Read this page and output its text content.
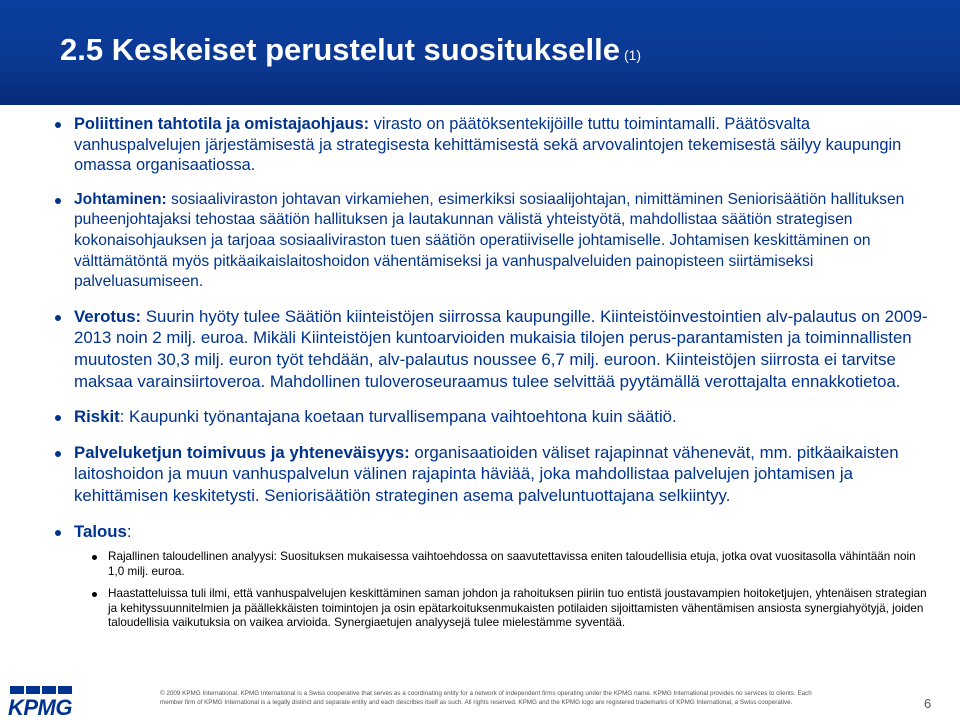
2.5 Keskeiset perustelut suositukselle (1)

Poliittinen tahtotila ja omistajaohjaus: virasto on päätöksentekijöille tuttu toimintamalli. Päätösvalta vanhuspalvelujen järjestämisestä ja strategisesta kehittämisestä sekä arvovalintojen tekemisestä säilyy kaupungin omassa organisaatiossa.

Johtaminen: sosiaaliviraston johtavan virkamiehen, esimerkiksi sosiaalijohtajan, nimittäminen Seniorisäätiön hallituksen puheenjohtajaksi tehostaa säätiön hallituksen ja lautakunnan välistä yhteistyötä, mahdollistaa säätiön strategisen kokonaisohjauksen ja tarjoaa sosiaaliviraston tuen säätiön operatiiviselle johtamiselle. Johtamisen keskittäminen on välttämätöntä myös pitkäaikaislaitoshoidon vähentämiseksi ja vanhuspalveluiden painopisteen siirtämiseksi palveluasumiseen.

Verotus: Suurin hyöty tulee Säätiön kiinteistöjen siirrossa kaupungille. Kiinteistöinvestointien alv-palautus on 2009-2013 noin 2 milj. euroa. Mikäli Kiinteistöjen kuntoarvioiden mukaisia tilojen perus-parantamisten ja toiminnallisten muutosten 30,3 milj. euron työt tehdään, alv-palautus noussee 6,7 milj. euroon. Kiinteistöjen siirrosta ei tarvitse maksaa varainsiirtoveroa. Mahdollinen tuloveroseuraamus tulee selvittää pyytämällä verottajalta ennakkotietoa.

Riskit: Kaupunki työnantajana koetaan turvallisempana vaihtoehtona kuin säätiö.

Palveluketjun toimivuus ja yhteneväisyys: organisaatioiden väliset rajapinnat vähenevät, mm. pitkäaikaisten laitoshoidon ja muun vanhuspalvelun välinen rajapinta häviää, joka mahdollistaa palvelujen johtamisen ja kehittämisen keskitetysti. Seniorisäätiön strateginen asema palveluntuottajana selkiintyy.

Talous:

Rajallinen taloudellinen analyysi: Suosituksen mukaisessa vaihtoehdossa on saavutettavissa eniten taloudellisia etuja, jotka ovat vuositasolla vähintään noin 1,0 milj. euroa.

Haastatteluissa tuli ilmi, että vanhuspalvelujen keskittäminen saman johdon ja rahoituksen piiriin tuo entistä joustavampien hoitoketjujen, yhtenäisen strategian ja kehityssuunnitelmien ja päällekkäisten toimintojen ja osin epätarkoituksenmukaisten potilaiden sijoittamisten vähentämisen ansiosta synergiahyötyjä, joiden taloudellisia vaikutuksia on vaikea arvioida. Synergiaetujen analyysejä tulee mielestämme syventää.

KPMG
© 2009 KPMG International. KPMG International is a Swiss cooperative that serves as a coordinating entity for a network of independent firms operating under the KPMG name. KPMG International provides no services to clients. Each
member firm of KPMG International is a legally distinct and separate entity and each describes itself as such. All rights reserved. KPMG and the KPMG logo are registered trademarks of KPMG International, a Swiss cooperative.	6
